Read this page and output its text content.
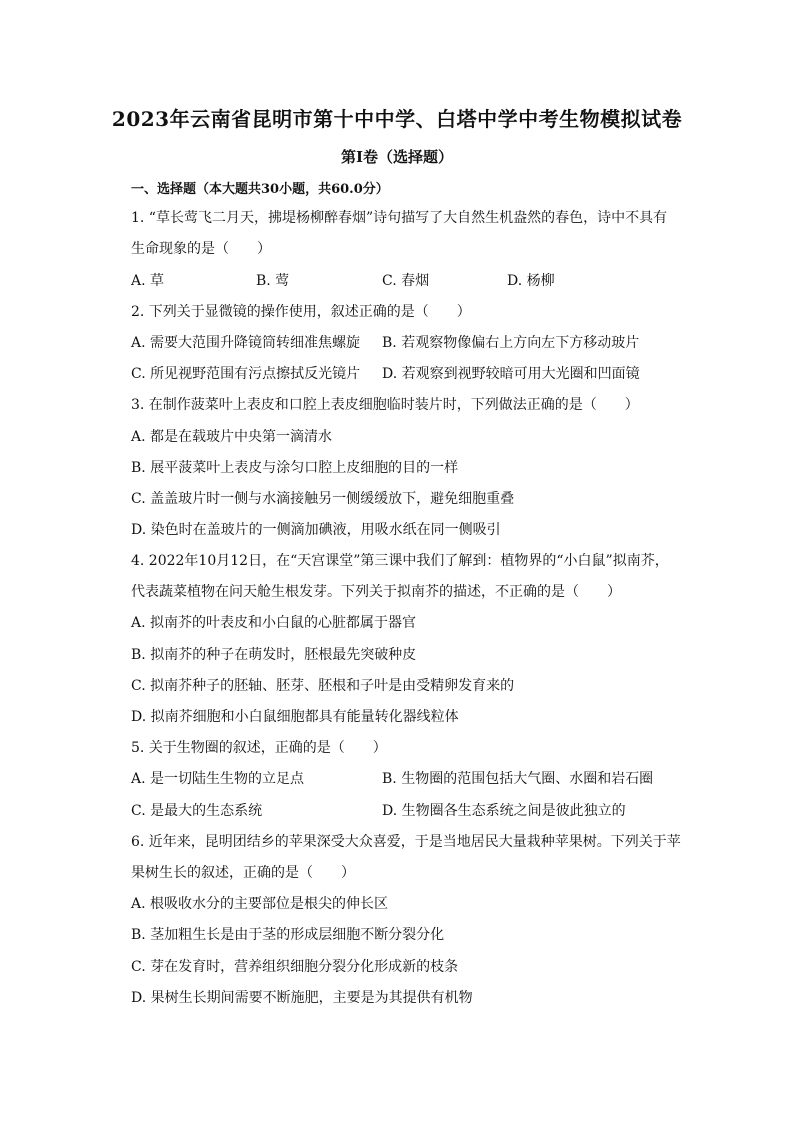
2023年云南省昆明市第十中中学、白塔中学中考生物模拟试卷
第I卷（选择题）
一、选择题（本大题共30小题，共60.0分）
1. “草长莺飞二月天，拂堤杨柳醉春烟”诗句描写了大自然生机盎然的春色，诗中不具有
生命现象的是（　　）
A. 草	B. 莺	C. 春烟	D. 杨柳
2. 下列关于显微镜的操作使用，叙述正确的是（　　）
A. 需要大范围升降镜筒转细准焦螺旋 B. 若观察物像偏右上方向左下方移动玻片
C. 所见视野范围有污点擦拭反光镜片 D. 若观察到视野较暗可用大光圈和凹面镜
3. 在制作菠菜叶上表皮和口腔上表皮细胞临时装片时，下列做法正确的是（　　）
A. 都是在载玻片中央第一滴清水
B. 展平菠菜叶上表皮与涂匀口腔上皮细胞的目的一样
C. 盖盖玻片时一侧与水滴接触另一侧缓缓放下，避免细胞重叠
D. 染色时在盖玻片的一侧滴加碘液，用吸水纸在同一侧吸引
4. 2022年10月12日，在“天宫课堂”第三课中我们了解到：植物界的“小白鼠”拟南芥，
代表蔬菜植物在问天舱生根发芽。下列关于拟南芥的描述，不正确的是（　　）
A. 拟南芥的叶表皮和小白鼠的心脏都属于器官
B. 拟南芥的种子在萌发时，胚根最先突破种皮
C. 拟南芥种子的胚轴、胚芽、胚根和子叶是由受精卵发育来的
D. 拟南芥细胞和小白鼠细胞都具有能量转化器线粒体
5. 关于生物圈的叙述，正确的是（　　）
A. 是一切陆生生物的立足点	B. 生物圈的范围包括大气圈、水圈和岩石圈
C. 是最大的生态系统	D. 生物圈各生态系统之间是彼此独立的
6. 近年来，昆明团结乡的苹果深受大众喜爱，于是当地居民大量栽种苹果树。下列关于苹
果树生长的叙述，正确的是（　　）
A. 根吸收水分的主要部位是根尖的伸长区
B. 茎加粗生长是由于茎的形成层细胞不断分裂分化
C. 芽在发育时，营养组织细胞分裂分化形成新的枝条
D. 果树生长期间需要不断施肥，主要是为其提供有机物
